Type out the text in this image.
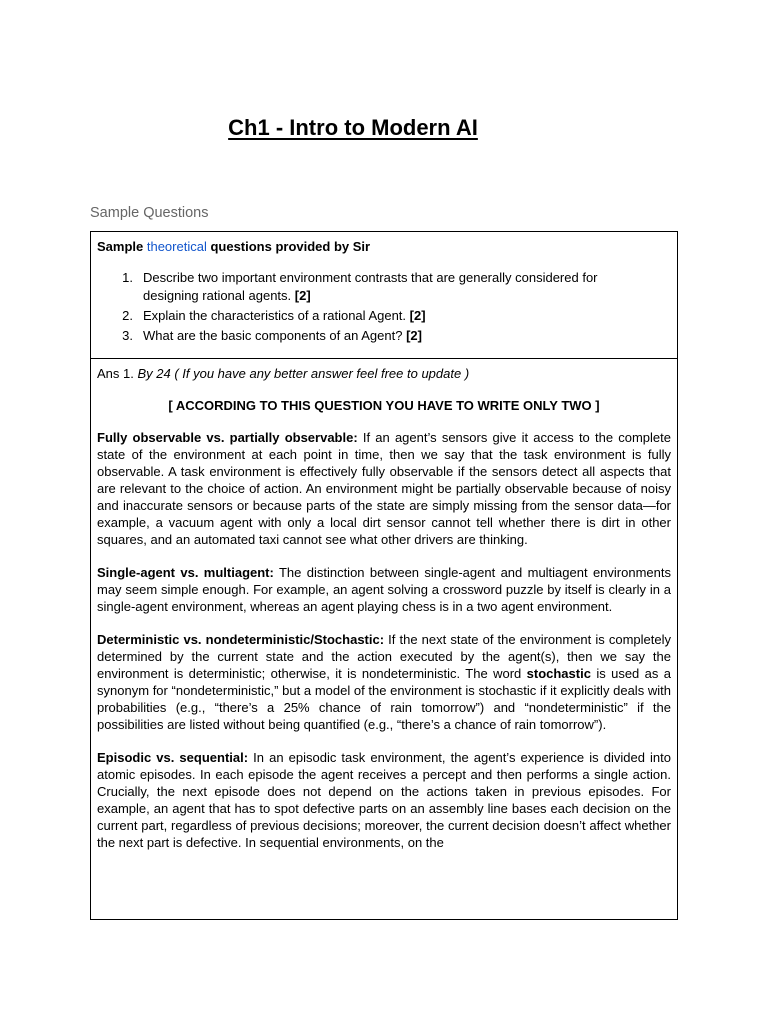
Ch1 - Intro to Modern AI
Sample Questions

Sample theoretical questions provided by Sir

1. Describe two important environment contrasts that are generally considered for designing rational agents. [2]
2. Explain the characteristics of a rational Agent. [2]
3. What are the basic components of an Agent? [2]

Ans 1. By 24 ( If you have any better answer feel free to update )

[ ACCORDING TO THIS QUESTION YOU HAVE TO WRITE ONLY TWO ]

Fully observable vs. partially observable: If an agent’s sensors give it access to the complete state of the environment at each point in time, then we say that the task environment is fully observable. A task environment is effectively fully observable if the sensors detect all aspects that are relevant to the choice of action. An environment might be partially observable because of noisy and inaccurate sensors or because parts of the state are simply missing from the sensor data—for example, a vacuum agent with only a local dirt sensor cannot tell whether there is dirt in other squares, and an automated taxi cannot see what other drivers are thinking.

Single-agent vs. multiagent: The distinction between single-agent and multiagent environments may seem simple enough. For example, an agent solving a crossword puzzle by itself is clearly in a single-agent environment, whereas an agent playing chess is in a two agent environment.

Deterministic vs. nondeterministic/Stochastic: If the next state of the environment is completely determined by the current state and the action executed by the agent(s), then we say the environment is deterministic; otherwise, it is nondeterministic. The word stochastic is used as a synonym for “nondeterministic,” but a model of the environment is stochastic if it explicitly deals with probabilities (e.g., “there’s a 25% chance of rain tomorrow”) and “nondeterministic” if the possibilities are listed without being quantified (e.g., “there’s a chance of rain tomorrow”).

Episodic vs. sequential: In an episodic task environment, the agent’s experience is divided into atomic episodes. In each episode the agent receives a percept and then performs a single action. Crucially, the next episode does not depend on the actions taken in previous episodes. For example, an agent that has to spot defective parts on an assembly line bases each decision on the current part, regardless of previous decisions; moreover, the current decision doesn’t affect whether the next part is defective. In sequential environments, on the
